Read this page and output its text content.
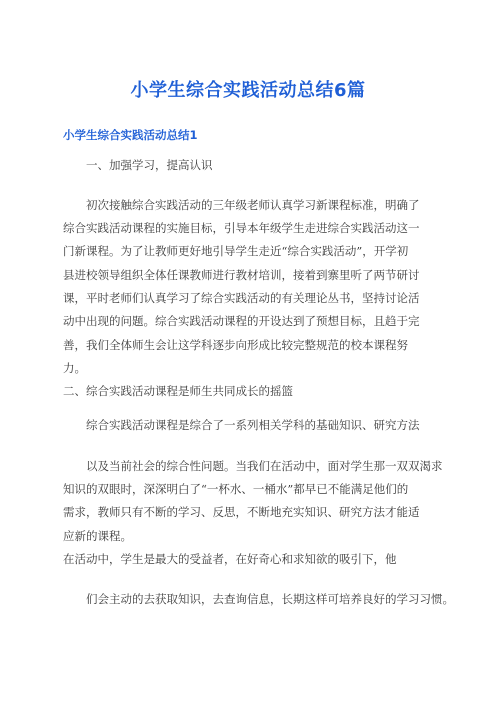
小学生综合实践活动总结6篇
小学生综合实践活动总结1
一、加强学习，提高认识
初次接触综合实践活动的三年级老师认真学习新课程标准，明确了
综合实践活动课程的实施目标，引导本年级学生走进综合实践活动这一
门新课程。为了让教师更好地引导学生走近“综合实践活动”，开学初
县进校领导组织全体任课教师进行教材培训，接着到寨里听了两节研讨
课，平时老师们认真学习了综合实践活动的有关理论丛书，坚持讨论活
动中出现的问题。综合实践活动课程的开设达到了预想目标，且趋于完
善，我们全体师生会让这学科逐步向形成比较完整规范的校本课程努
力。
二、综合实践活动课程是师生共同成长的摇篮
综合实践活动课程是综合了一系列相关学科的基础知识、研究方法
以及当前社会的综合性问题。当我们在活动中，面对学生那一双双渴求
知识的双眼时，深深明白了“一杯水、一桶水”都早已不能满足他们的
需求，教师只有不断的学习、反思，不断地充实知识、研究方法才能适
应新的课程。
在活动中，学生是最大的受益者，在好奇心和求知欲的吸引下，他
们会主动的去获取知识，去查询信息，长期这样可培养良好的学习习惯。
